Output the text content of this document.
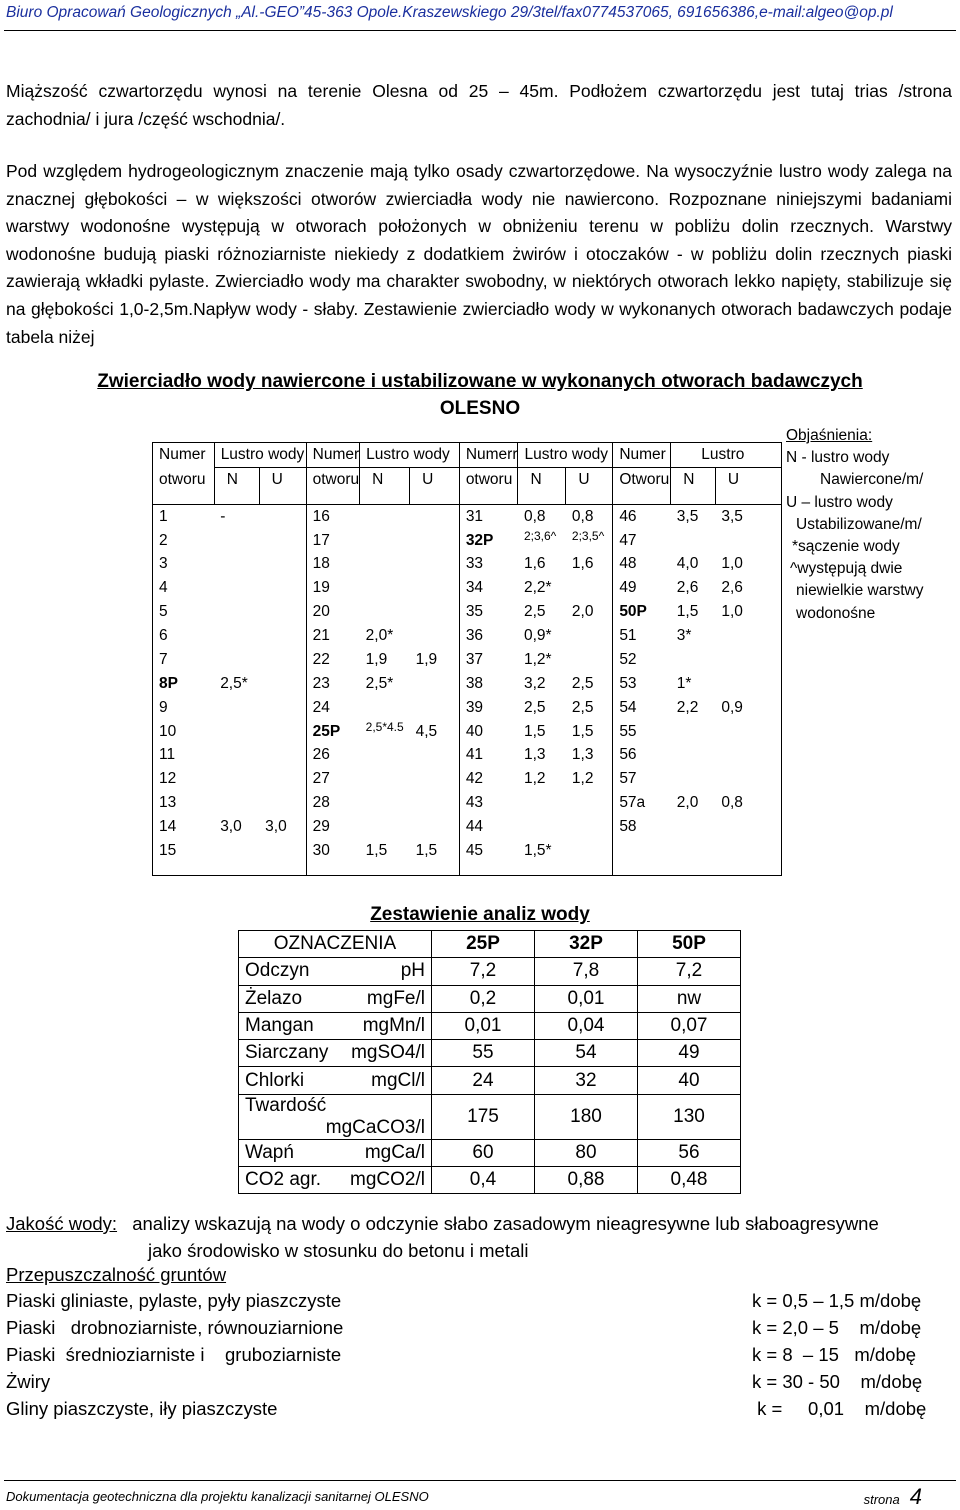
Biuro Opracowań Geologicznych „Al.-GEO”45-363 Opole.Kraszewskiego 29/3tel/fax0774537065, 691656386,e-mail:algeo@op.pl
Miąższość czwartorzędu wynosi na terenie Olesna od 25 – 45m. Podłożem czwartorzędu jest tutaj trias /strona zachodnia/ i jura /część wschodnia/.
Pod względem hydrogeologicznym znaczenie mają tylko osady czwartorzędowe. Na wysoczyźnie lustro wody zalega na znacznej głębokości – w większości otworów zwierciadła wody nie nawiercono. Rozpoznane niniejszymi badaniami warstwy wodonośne występują w otworach położonych w obniżeniu terenu w pobliżu dolin rzecznych. Warstwy wodonośne budują piaski różnoziarniste niekiedy z dodatkiem żwirów i otoczaków - w pobliżu dolin rzecznych piaski zawierają wkładki pylaste. Zwierciadło wody ma charakter swobodny, w niektórych otworach lekko napięty, stabilizuje się na głębokości 1,0-2,5m.Napływ wody - słaby. Zestawienie zwierciadło wody w wykonanych otworach badawczych podaje tabela niżej
Zwierciadło wody nawiercone i ustabilizowane w wykonanych otworach badawczych
OLESNO
Objaśnienia:
N - lustro wody
Nawiercone/m/
U – lustro wody
Ustabilizowane/m/
*sączenie wody
^występują dwie
niewielkie warstwy
wodonośne
Numer	Lustro wody		Numer	Lustro wody		Numerr	Lustro wody		Numer	Lustro	
otworu	N	U	otworu	N	U	otworu	N	U	Otworu	N	U
1	-		16			31	0,8	0,8	46	3,5	3,5
2			17			32P	2;3,6^	2;3,5^	47		
3			18			33	1,6	1,6	48	4,0	1,0
4			19			34	2,2*		49	2,6	2,6
5			20			35	2,5	2,0	50P	1,5	1,0
6			21	2,0*		36	0,9*		51	3*	
7			22	1,9	1,9	37	1,2*		52		
8P	2,5*		23	2,5*		38	3,2	2,5	53	1*	
9			24			39	2,5	2,5	54	2,2	0,9
10			25P	2,5*4.5	4,5	40	1,5	1,5	55		
11			26			41	1,3	1,3	56		
12			27			42	1,2	1,2	57		
13			28			43			57a	2,0	0,8
14	3,0	3,0	29			44			58		
15			30	1,5	1,5	45	1,5*				
Zestawienie analiz wody
OZNACZENIA	25P	32P	50P
Odczyn pH	7,2	7,8	7,2
Żelazo mgFe/l	0,2	0,01	nw
Mangan mgMn/l	0,01	0,04	0,07
Siarczany mgSO4/l	55	54	49
Chlorki mgCl/l	24	32	40
Twardość
mgCaCO3/l	175	180	130
Wapń mgCa/l	60	80	56
CO2 agr. mgCO2/l	0,4	0,88	0,48
Jakość wody: analizy wskazują na wody o odczynie słabo zasadowym nieagresywne lub słaboagresywne
jako środowisko w stosunku do betonu i metali
Przepuszczalność gruntów
Piaski gliniaste, pylaste, pyły piaszczyste	k = 0,5 – 1,5 m/dobę
Piaski   drobnoziarniste, równouziarnione	k = 2,0 – 5    m/dobę
Piaski  średnioziarniste i    gruboziarniste	k = 8  – 15   m/dobę
Żwiry	k = 30 - 50    m/dobę
Gliny piaszczyste, iły piaszczyste	k =     0,01    m/dobę
Dokumentacja geotechniczna dla projektu kanalizacji sanitarnej OLESNO	strona 4
